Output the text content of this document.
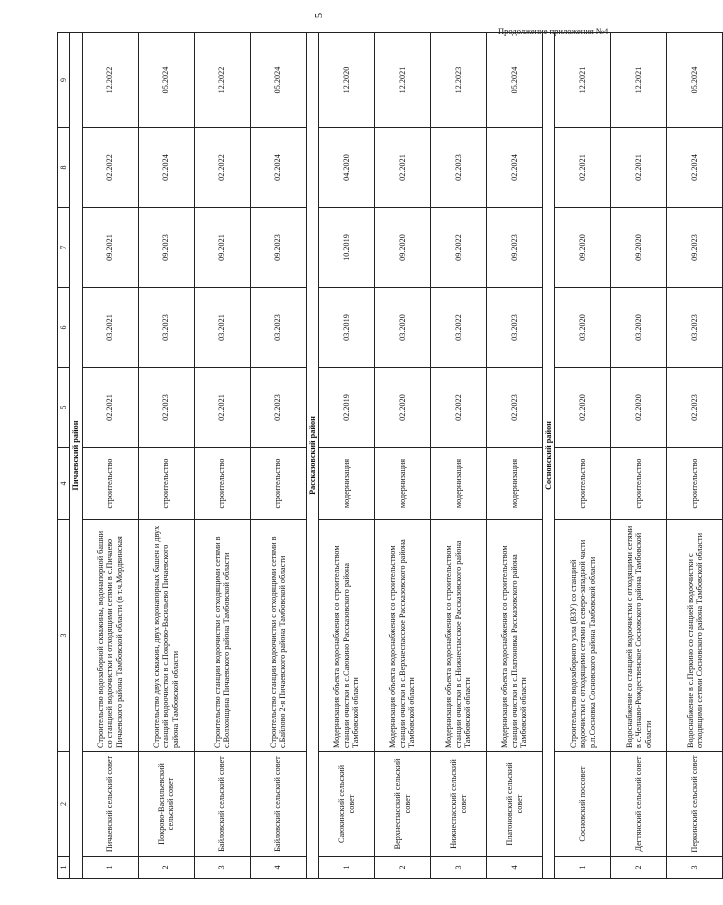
5
Продолжение приложения №4
1	2	3	4	5	6	7	8	9
Пичаевский район								
1	Пичаевский сельский совет	Строительство водозаборной скважины, водонапорной башни со станцией водоочистки и отходящими сетями в с.Пичаево Пичаевского района Тамбовской области (в т.ч.Мордвинская	строительство	02.2021	03.2021	09.2021	02.2022	12.2022
2	Покрово-Васильевский сельский совет	Строительство двух скважин, двух водонапорных башен и двух станций водоочистки в с.Покрово-Васильево Пичаевского района Тамбовской области	строительство	02.2023	03.2023	09.2023	02.2024	05.2024
3	Байловский сельский совет	Строительство станции водоочистки с отходящими сетями в с.Волхонщина Пичаевского района Тамбовской области	строительство	02.2021	03.2021	09.2021	02.2022	12.2022
4	Байловский сельский совет	Строительство станции водоочистки с отходящими сетями в с.Байлово 2-я Пичаевского района Тамбовской области	строительство	02.2023	03.2023	09.2023	02.2024	05.2024
Рассказовский район								
1	Саюкинский сельский совет	Модернизация объекта водоснабжения со строительством станции очистки в с.Саюкино Рассказовского района Тамбовской области	модернизация	02.2019	03.2019	10.2019	04.2020	12.2020
2	Верхнеспасский сельский совет	Модернизация объекта водоснабжения со строительством станции очистки в с.Верхнеспасское Рассказовского района Тамбовской области	модернизация	02.2020	03.2020	09.2020	02.2021	12.2021
3	Нижнеспасский сельский совет	Модернизация объекта водоснабжения со строительством станции очистки в с.Нижнеспасское Рассказовского района Тамбовской области	модернизация	02.2022	03.2022	09.2022	02.2023	12.2023
4	Платоновский сельский совет	Модернизация объекта водоснабжения со строительством станции очистки в с.Платоновка Рассказовского района Тамбовской области	модернизация	02.2023	03.2023	09.2023	02.2024	05.2024
Сосновский район								
1	Сосновский поссовет	Строительство водозаборного узла (ВЗУ) со станцией водоочистки с отходящими сетями в северо-западной части р.п.Сосновка Сосновского района Тамбовской области	строительство	02.2020	03.2020	09.2020	02.2021	12.2021
2	Дегтянский сельский совет	Водоснабжение со станцией водоочистки с отходящими сетями в с.Челнаво-Рождественское Сосновского района Тамбовской области	строительство	02.2020	03.2020	09.2020	02.2021	12.2021
3	Перкинский сельский совет	Водоснабжение в с.Перкино со станцией водоочистки с отходящими сетями Сосновского района Тамбовской области	строительство	02.2023	03.2023	09.2023	02.2024	05.2024
